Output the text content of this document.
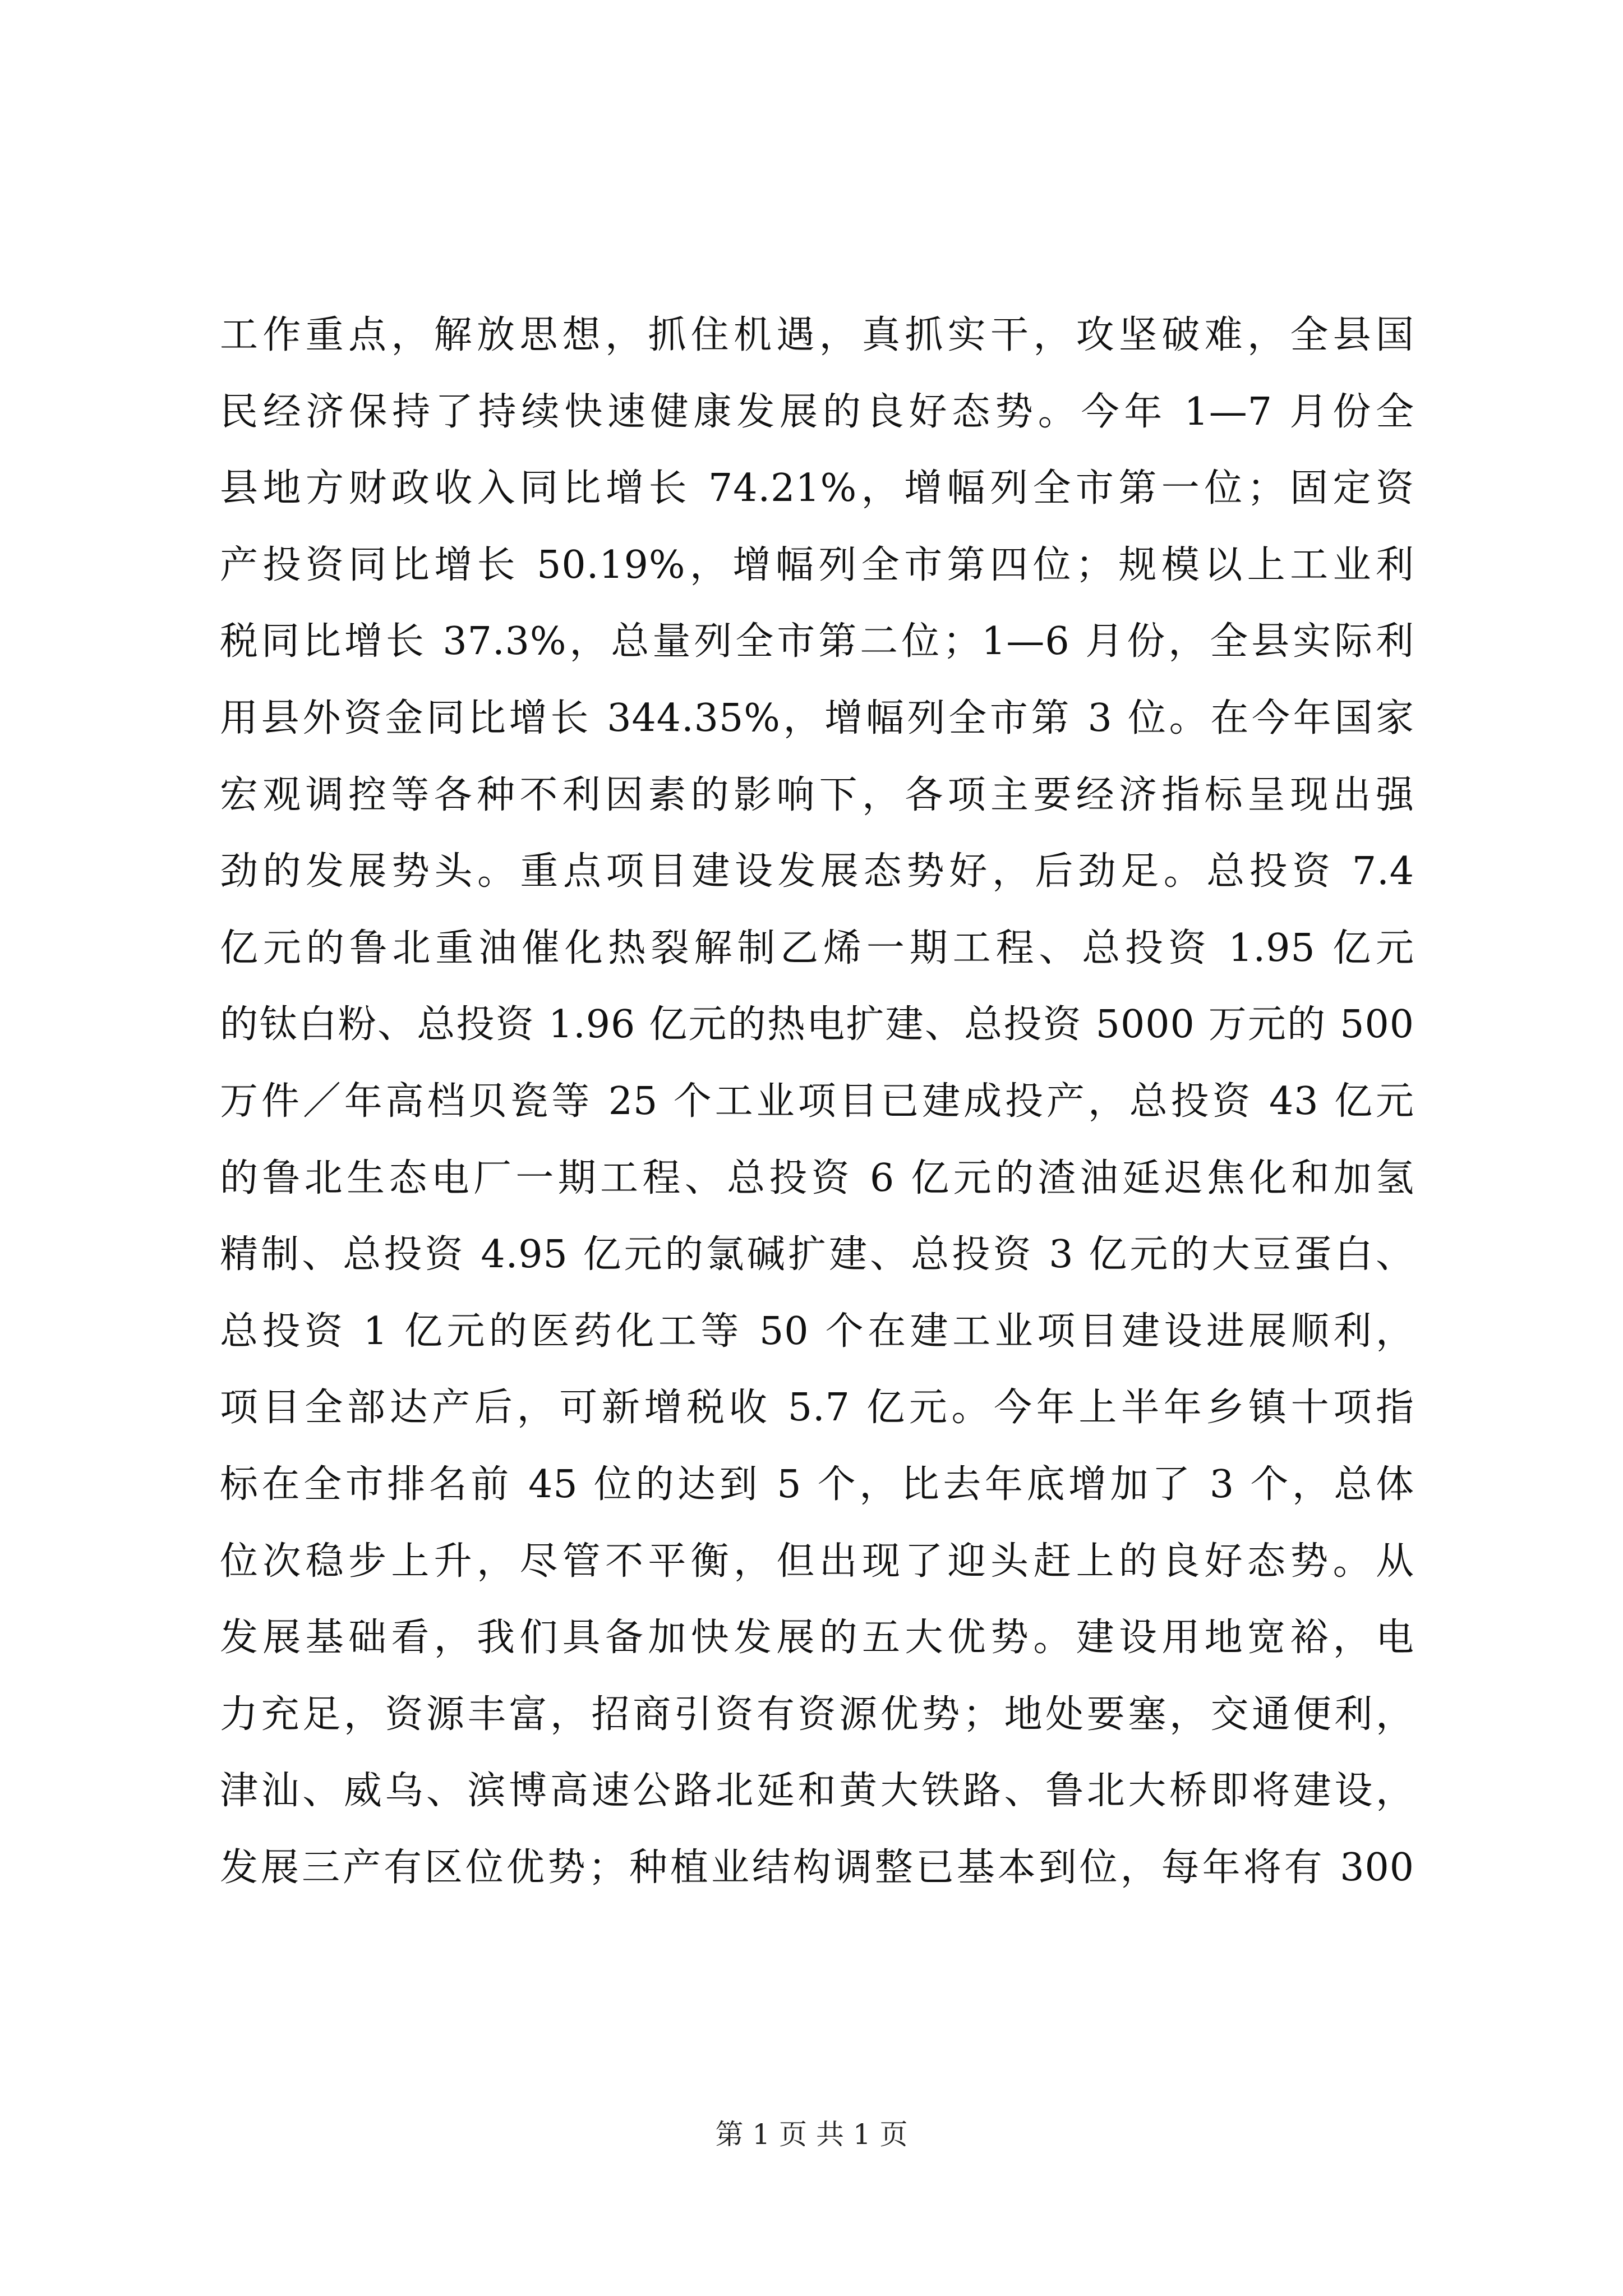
工作重点，解放思想，抓住机遇，真抓实干，攻坚破难，全县国
民经济保持了持续快速健康发展的良好态势。今年 1—7 月份全
县地方财政收入同比增长 74.21%，增幅列全市第一位；固定资
产投资同比增长 50.19%，增幅列全市第四位；规模以上工业利
税同比增长 37.3%，总量列全市第二位；1—6 月份，全县实际利
用县外资金同比增长 344.35%，增幅列全市第 3 位。在今年国家
宏观调控等各种不利因素的影响下，各项主要经济指标呈现出强
劲的发展势头。重点项目建设发展态势好，后劲足。总投资 7.4
亿元的鲁北重油催化热裂解制乙烯一期工程、总投资 1.95 亿元
的钛白粉、总投资 1.96 亿元的热电扩建、总投资 5000 万元的 500
万件／年高档贝瓷等 25 个工业项目已建成投产，总投资 43 亿元
的鲁北生态电厂一期工程、总投资 6 亿元的渣油延迟焦化和加氢
精制、总投资 4.95 亿元的氯碱扩建、总投资 3 亿元的大豆蛋白、
总投资 1 亿元的医药化工等 50 个在建工业项目建设进展顺利，
项目全部达产后，可新增税收 5.7 亿元。今年上半年乡镇十项指
标在全市排名前 45 位的达到 5 个，比去年底增加了 3 个，总体
位次稳步上升，尽管不平衡，但出现了迎头赶上的良好态势。从
发展基础看，我们具备加快发展的五大优势。建设用地宽裕，电
力充足，资源丰富，招商引资有资源优势；地处要塞，交通便利，
津汕、威乌、滨博高速公路北延和黄大铁路、鲁北大桥即将建设，
发展三产有区位优势；种植业结构调整已基本到位，每年将有 300
第 1 页 共 1 页
